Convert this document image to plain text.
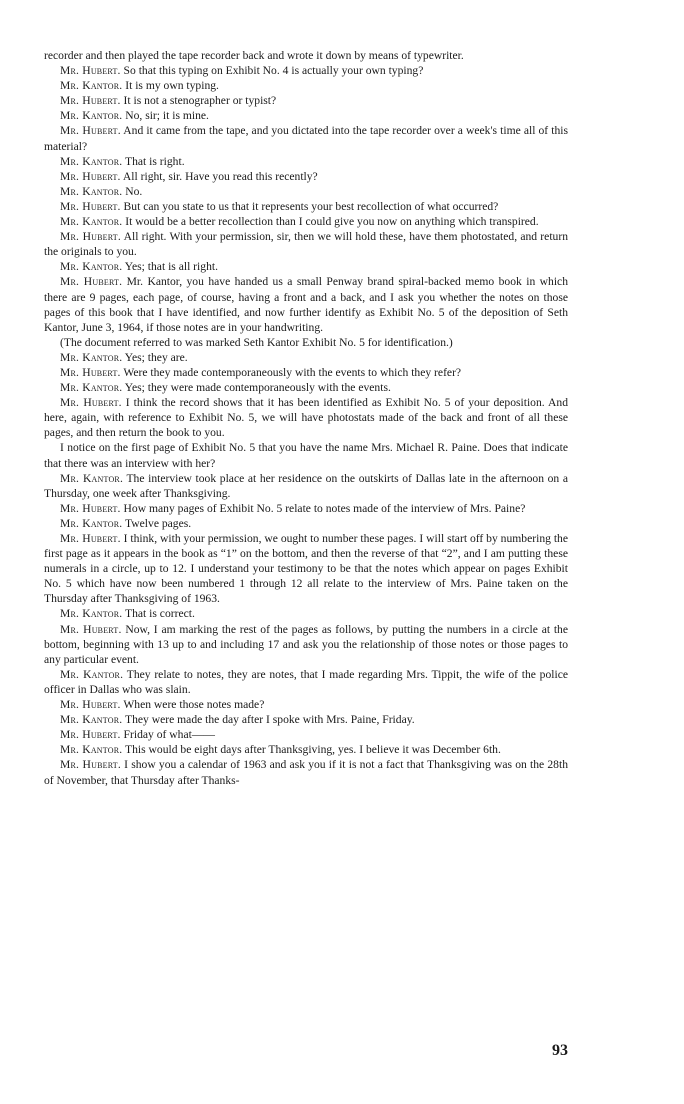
recorder and then played the tape recorder back and wrote it down by means of typewriter.

Mr. Hubert. So that this typing on Exhibit No. 4 is actually your own typing?

Mr. Kantor. It is my own typing.

Mr. Hubert. It is not a stenographer or typist?

Mr. Kantor. No, sir; it is mine.

Mr. Hubert. And it came from the tape, and you dictated into the tape recorder over a week's time all of this material?

Mr. Kantor. That is right.

Mr. Hubert. All right, sir. Have you read this recently?

Mr. Kantor. No.

Mr. Hubert. But can you state to us that it represents your best recollection of what occurred?

Mr. Kantor. It would be a better recollection than I could give you now on anything which transpired.

Mr. Hubert. All right. With your permission, sir, then we will hold these, have them photostated, and return the originals to you.

Mr. Kantor. Yes; that is all right.

Mr. Hubert. Mr. Kantor, you have handed us a small Penway brand spiral-backed memo book in which there are 9 pages, each page, of course, having a front and a back, and I ask you whether the notes on those pages of this book that I have identified, and now further identify as Exhibit No. 5 of the deposition of Seth Kantor, June 3, 1964, if those notes are in your handwriting.

(The document referred to was marked Seth Kantor Exhibit No. 5 for identification.)

Mr. Kantor. Yes; they are.

Mr. Hubert. Were they made contemporaneously with the events to which they refer?

Mr. Kantor. Yes; they were made contemporaneously with the events.

Mr. Hubert. I think the record shows that it has been identified as Exhibit No. 5 of your deposition. And here, again, with reference to Exhibit No. 5, we will have photostats made of the back and front of all these pages, and then return the book to you.

I notice on the first page of Exhibit No. 5 that you have the name Mrs. Michael R. Paine. Does that indicate that there was an interview with her?

Mr. Kantor. The interview took place at her residence on the outskirts of Dallas late in the afternoon on a Thursday, one week after Thanksgiving.

Mr. Hubert. How many pages of Exhibit No. 5 relate to notes made of the interview of Mrs. Paine?

Mr. Kantor. Twelve pages.

Mr. Hubert. I think, with your permission, we ought to number these pages. I will start off by numbering the first page as it appears in the book as “1” on the bottom, and then the reverse of that “2”, and I am putting these numerals in a circle, up to 12. I understand your testimony to be that the notes which appear on pages Exhibit No. 5 which have now been numbered 1 through 12 all relate to the interview of Mrs. Paine taken on the Thursday after Thanksgiving of 1963.

Mr. Kantor. That is correct.

Mr. Hubert. Now, I am marking the rest of the pages as follows, by putting the numbers in a circle at the bottom, beginning with 13 up to and including 17 and ask you the relationship of those notes or those pages to any particular event.

Mr. Kantor. They relate to notes, they are notes, that I made regarding Mrs. Tippit, the wife of the police officer in Dallas who was slain.

Mr. Hubert. When were those notes made?

Mr. Kantor. They were made the day after I spoke with Mrs. Paine, Friday.

Mr. Hubert. Friday of what——

Mr. Kantor. This would be eight days after Thanksgiving, yes. I believe it was December 6th.

Mr. Hubert. I show you a calendar of 1963 and ask you if it is not a fact that Thanksgiving was on the 28th of November, that Thursday after Thanks-

93
